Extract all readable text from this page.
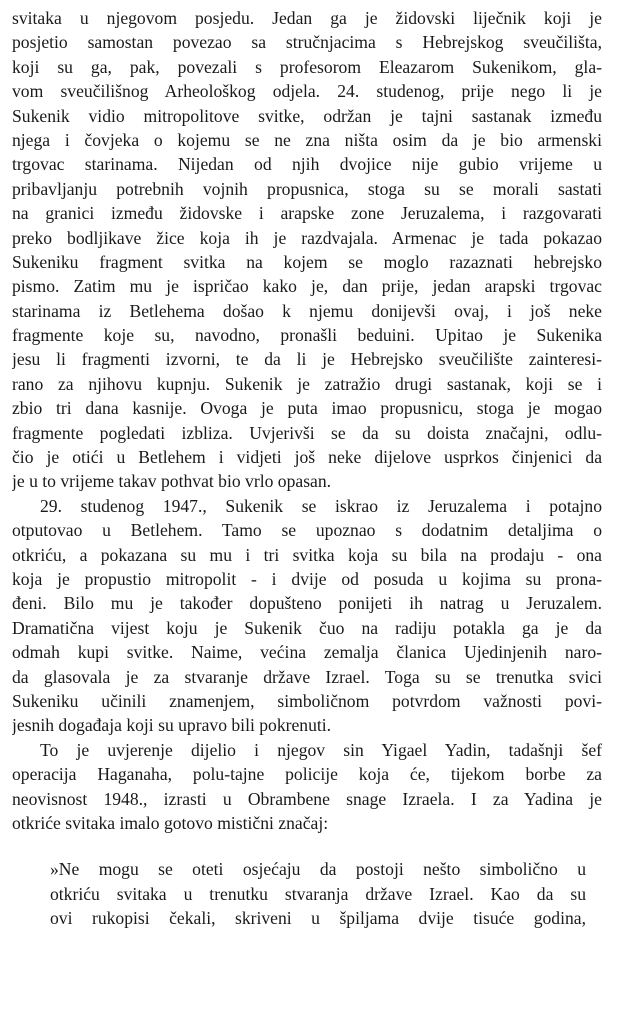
svitaka u njegovom posjedu. Jedan ga je židovski liječnik koji je
posjetio samostan povezao sa stručnjacima s Hebrejskog sveučilišta,
koji su ga, pak, povezali s profesorom Eleazarom Sukenikom, gla-
vom sveučilišnog Arheološkog odjela. 24. studenog, prije nego li je
Sukenik vidio mitropolitove svitke, održan je tajni sastanak između
njega i čovjeka o kojemu se ne zna ništa osim da je bio armenski
trgovac starinama. Nijedan od njih dvojice nije gubio vrijeme u
pribavljanju potrebnih vojnih propusnica, stoga su se morali sastati
na granici između židovske i arapske zone Jeruzalema, i razgovarati
preko bodljikave žice koja ih je razdvajala. Armenac je tada pokazao
Sukeniku fragment svitka na kojem se moglo razaznati hebrejsko
pismo. Zatim mu je ispričao kako je, dan prije, jedan arapski trgovac
starinama iz Betlehema došao k njemu donijevši ovaj, i još neke
fragmente koje su, navodno, pronašli beduini. Upitao je Sukenika
jesu li fragmenti izvorni, te da li je Hebrejsko sveučilište zainteresi-
rano za njihovu kupnju. Sukenik je zatražio drugi sastanak, koji se i
zbio tri dana kasnije. Ovoga je puta imao propusnicu, stoga je mogao
fragmente pogledati izbliza. Uvjerivši se da su doista značajni, odlu-
čio je otići u Betlehem i vidjeti još neke dijelove usprkos činjenici da
je u to vrijeme takav pothvat bio vrlo opasan.
29. studenog 1947., Sukenik se iskrao iz Jeruzalema i potajno
otputovao u Betlehem. Tamo se upoznao s dodatnim detaljima o
otkriću, a pokazana su mu i tri svitka koja su bila na prodaju - ona
koja je propustio mitropolit - i dvije od posuda u kojima su prona-
đeni. Bilo mu je također dopušteno ponijeti ih natrag u Jeruzalem.
Dramatična vijest koju je Sukenik čuo na radiju potakla ga je da
odmah kupi svitke. Naime, većina zemalja članica Ujedinjenih naro-
da glasovala je za stvaranje države Izrael. Toga su se trenutka svici
Sukeniku učinili znamenjem, simboličnom potvrdom važnosti povi-
jesnih događaja koji su upravo bili pokrenuti.
To je uvjerenje dijelio i njegov sin Yigael Yadin, tadašnji šef
operacija Haganaha, polu-tajne policije koja će, tijekom borbe za
neovisnost 1948., izrasti u Obrambene snage Izraela. I za Yadina je
otkriće svitaka imalo gotovo mistični značaj:
»Ne mogu se oteti osjećaju da postoji nešto simbolično u
otkriću svitaka u trenutku stvaranja države Izrael. Kao da su
ovi rukopisi čekali, skriveni u špiljama dvije tisuće godina,
